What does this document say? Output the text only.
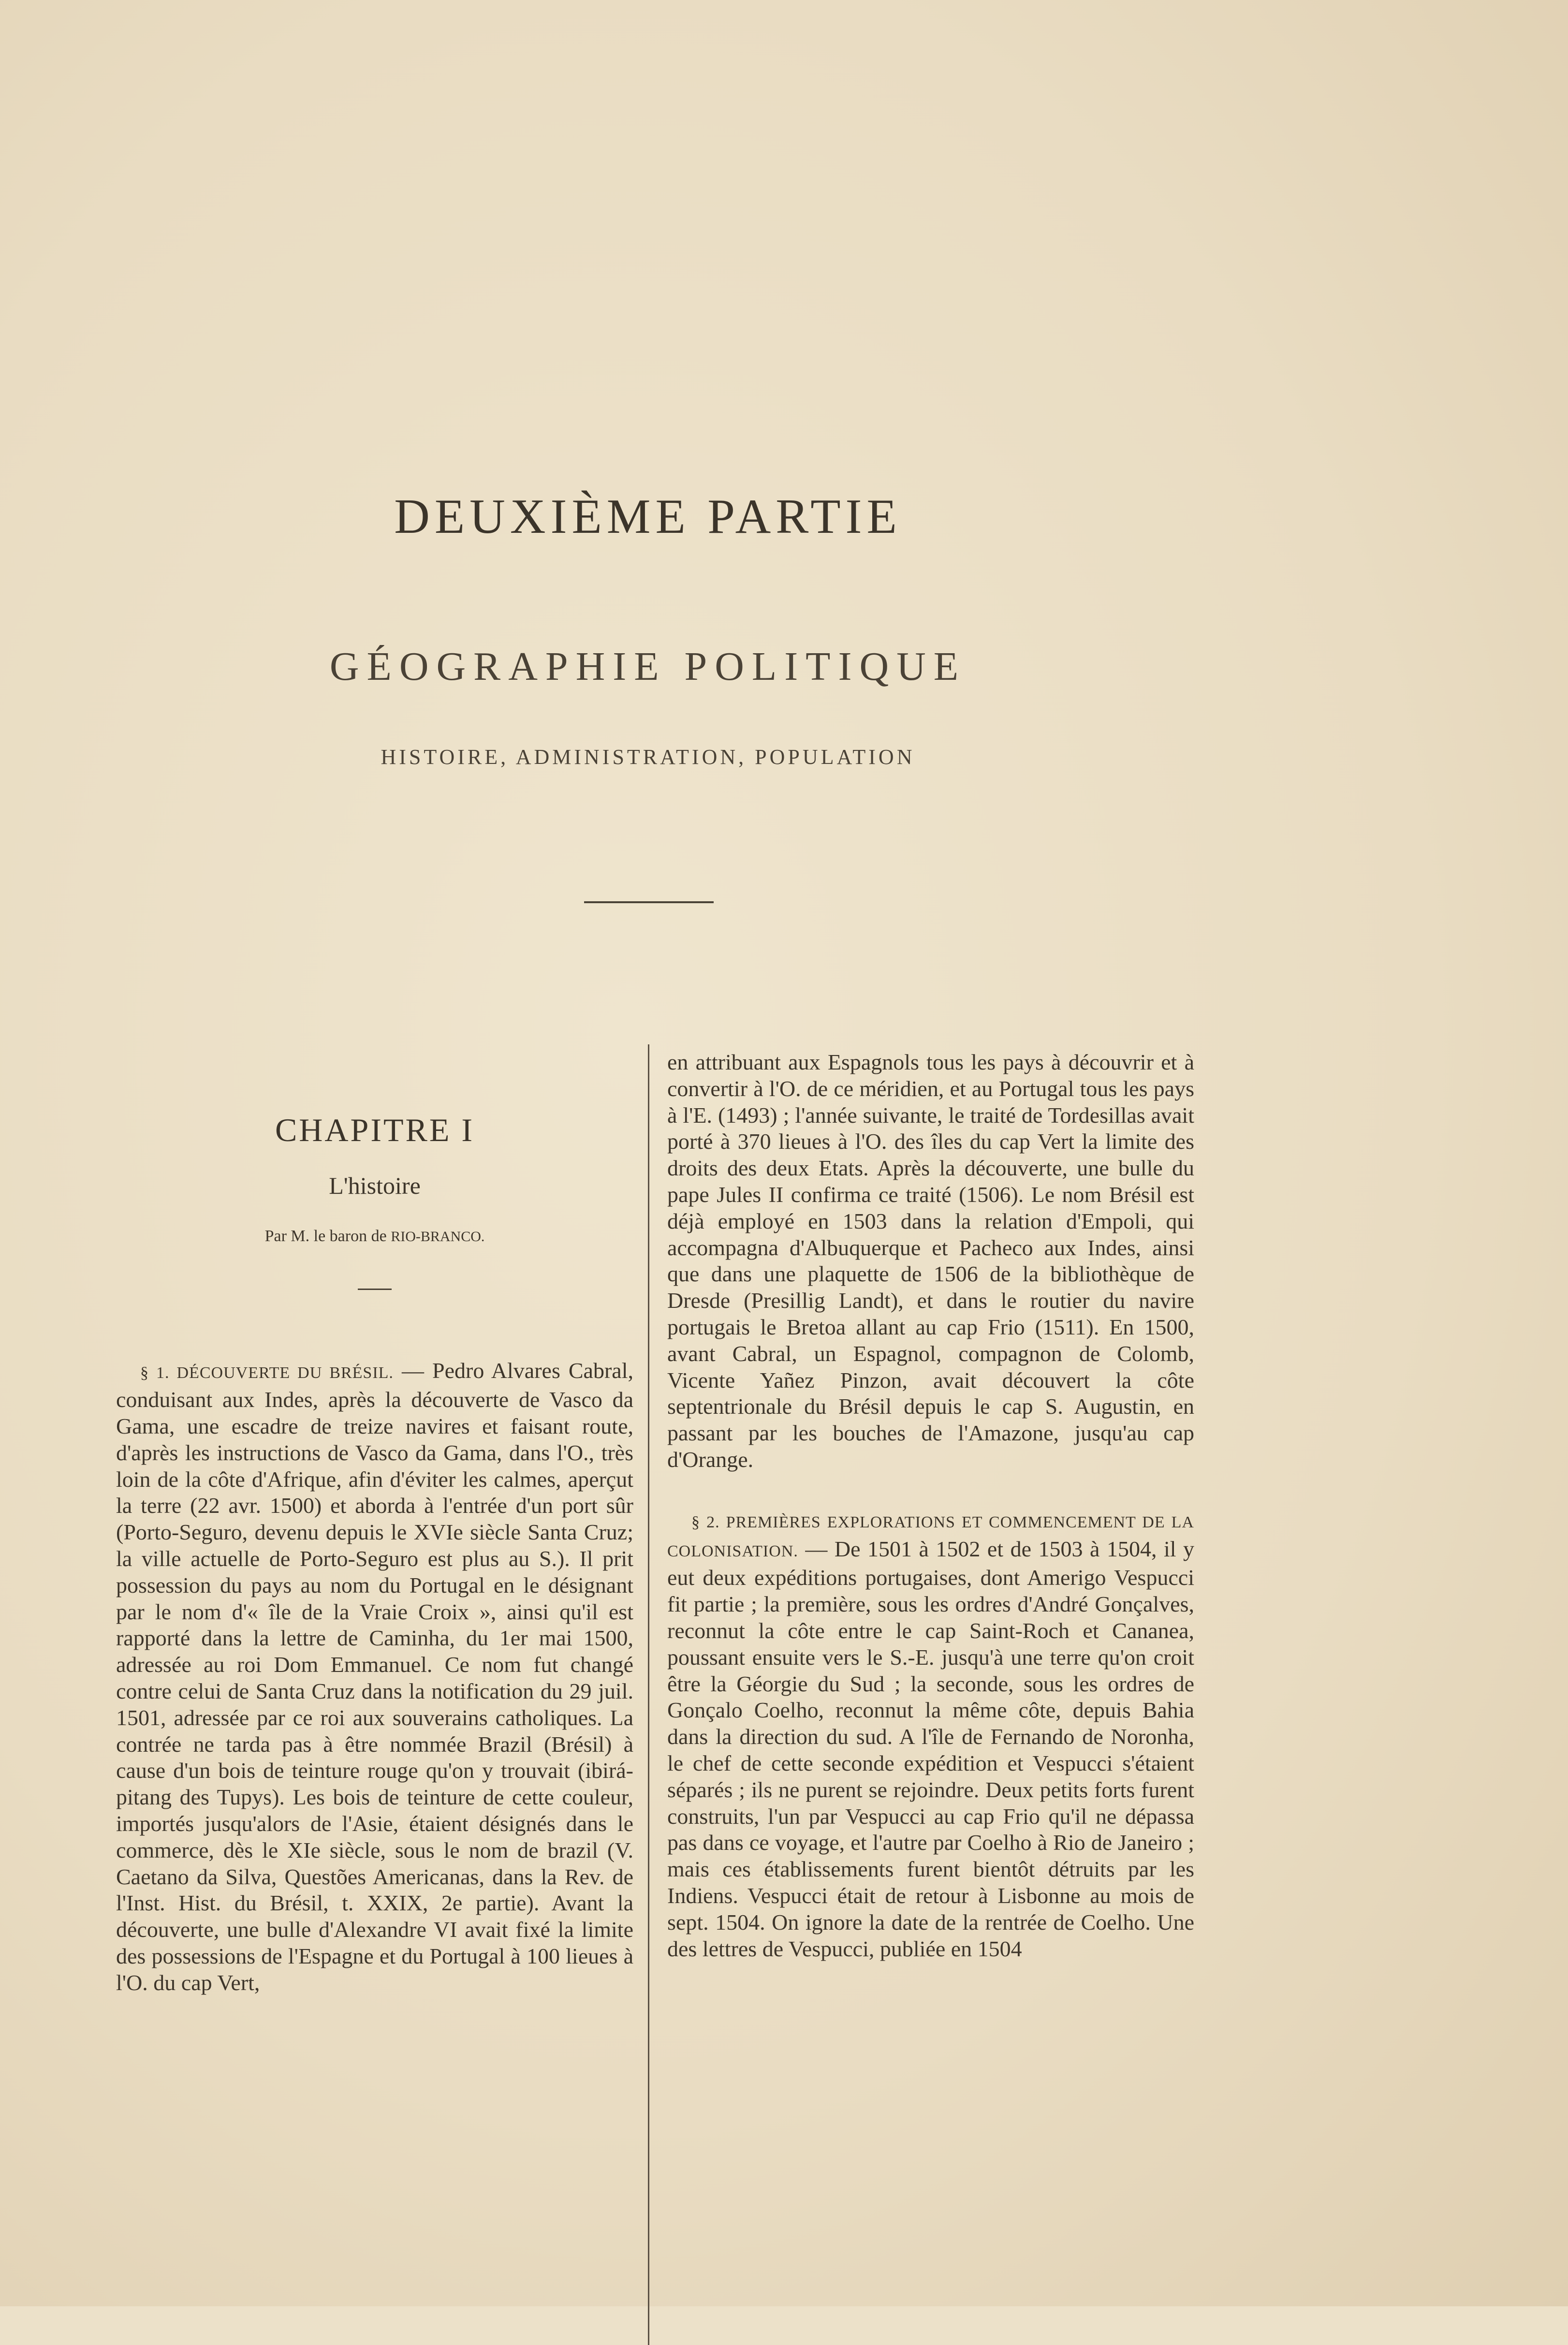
DEUXIÈME PARTIE
GÉOGRAPHIE POLITIQUE
HISTOIRE, ADMINISTRATION, POPULATION
CHAPITRE I
L'histoire
Par M. le baron de RIO-BRANCO.

§ 1. DÉCOUVERTE DU BRÉSIL. — Pedro Alvares Cabral, conduisant aux Indes, après la découverte de Vasco da Gama, une escadre de treize navires et faisant route, d'après les instructions de Vasco da Gama, dans l'O., très loin de la côte d'Afrique, afin d'éviter les calmes, aperçut la terre (22 avr. 1500) et aborda à l'entrée d'un port sûr (Porto-Seguro, devenu depuis le XVIe siècle Santa Cruz; la ville actuelle de Porto-Seguro est plus au S.). Il prit possession du pays au nom du Portugal en le désignant par le nom d'« île de la Vraie Croix », ainsi qu'il est rapporté dans la lettre de Caminha, du 1er mai 1500, adressée au roi Dom Emmanuel. Ce nom fut changé contre celui de Santa Cruz dans la notification du 29 juil. 1501, adressée par ce roi aux souverains catholiques. La contrée ne tarda pas à être nommée Brazil (Brésil) à cause d'un bois de teinture rouge qu'on y trouvait (ibirá-pitang des Tupys). Les bois de teinture de cette couleur, importés jusqu'alors de l'Asie, étaient désignés dans le commerce, dès le XIe siècle, sous le nom de brazil (V. Caetano da Silva, Questões Americanas, dans la Rev. de l'Inst. Hist. du Brésil, t. XXIX, 2e partie). Avant la découverte, une bulle d'Alexandre VI avait fixé la limite des possessions de l'Espagne et du Portugal à 100 lieues à l'O. du cap Vert,

en attribuant aux Espagnols tous les pays à découvrir et à convertir à l'O. de ce méridien, et au Portugal tous les pays à l'E. (1493) ; l'année suivante, le traité de Tordesillas avait porté à 370 lieues à l'O. des îles du cap Vert la limite des droits des deux Etats. Après la découverte, une bulle du pape Jules II confirma ce traité (1506). Le nom Brésil est déjà employé en 1503 dans la relation d'Empoli, qui accompagna d'Albuquerque et Pacheco aux Indes, ainsi que dans une plaquette de 1506 de la bibliothèque de Dresde (Presillig Landt), et dans le routier du navire portugais le Bretoa allant au cap Frio (1511). En 1500, avant Cabral, un Espagnol, compagnon de Colomb, Vicente Yañez Pinzon, avait découvert la côte septentrionale du Brésil depuis le cap S. Augustin, en passant par les bouches de l'Amazone, jusqu'au cap d'Orange.

§ 2. PREMIÈRES EXPLORATIONS ET COMMENCEMENT DE LA COLONISATION. — De 1501 à 1502 et de 1503 à 1504, il y eut deux expéditions portugaises, dont Amerigo Vespucci fit partie ; la première, sous les ordres d'André Gonçalves, reconnut la côte entre le cap Saint-Roch et Cananea, poussant ensuite vers le S.-E. jusqu'à une terre qu'on croit être la Géorgie du Sud ; la seconde, sous les ordres de Gonçalo Coelho, reconnut la même côte, depuis Bahia dans la direction du sud. A l'île de Fernando de Noronha, le chef de cette seconde expédition et Vespucci s'étaient séparés ; ils ne purent se rejoindre. Deux petits forts furent construits, l'un par Vespucci au cap Frio qu'il ne dépassa pas dans ce voyage, et l'autre par Coelho à Rio de Janeiro ; mais ces établissements furent bientôt détruits par les Indiens. Vespucci était de retour à Lisbonne au mois de sept. 1504. On ignore la date de la rentrée de Coelho. Une des lettres de Vespucci, publiée en 1504
